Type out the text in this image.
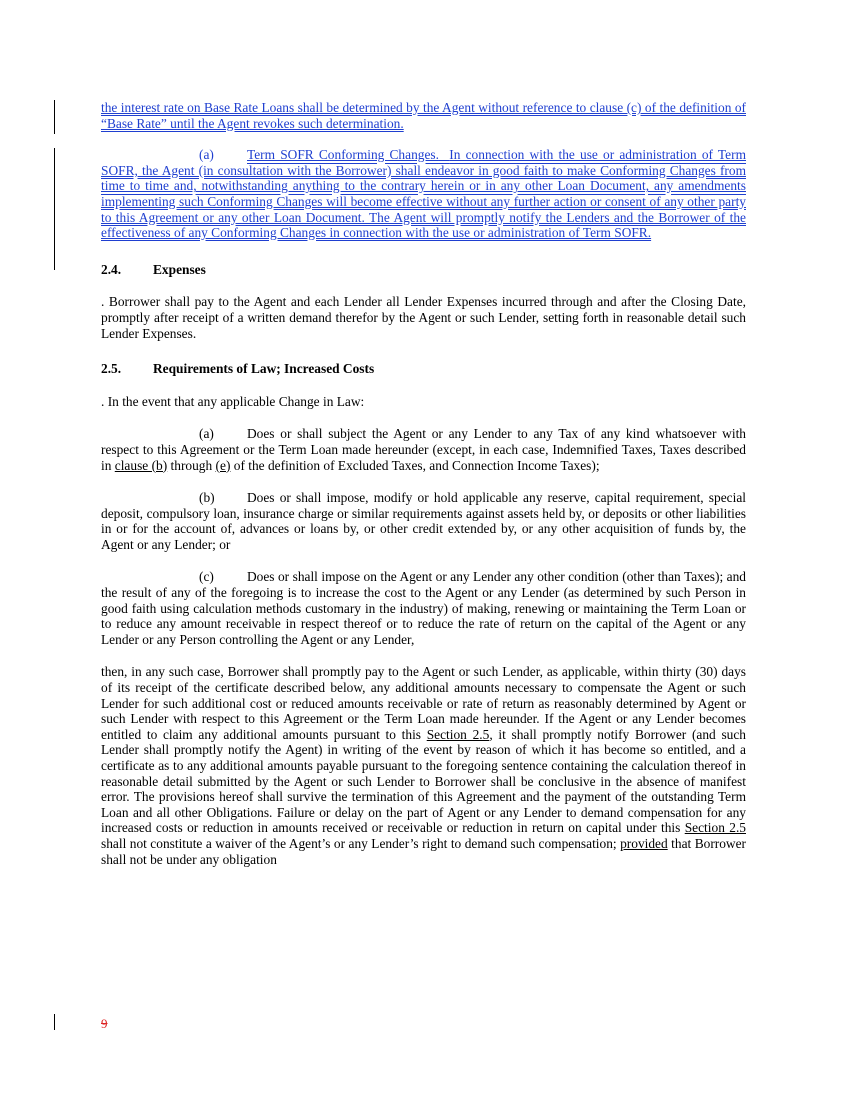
the interest rate on Base Rate Loans shall be determined by the Agent without reference to clause (c) of the definition of “Base Rate” until the Agent revokes such determination.

(a) Term SOFR Conforming Changes. In connection with the use or administration of Term SOFR, the Agent (in consultation with the Borrower) shall endeavor in good faith to make Conforming Changes from time to time and, notwithstanding anything to the contrary herein or in any other Loan Document, any amendments implementing such Conforming Changes will become effective without any further action or consent of any other party to this Agreement or any other Loan Document. The Agent will promptly notify the Lenders and the Borrower of the effectiveness of any Conforming Changes in connection with the use or administration of Term SOFR.

2.4. Expenses

. Borrower shall pay to the Agent and each Lender all Lender Expenses incurred through and after the Closing Date, promptly after receipt of a written demand therefor by the Agent or such Lender, setting forth in reasonable detail such Lender Expenses.

2.5. Requirements of Law; Increased Costs

. In the event that any applicable Change in Law:

(a) Does or shall subject the Agent or any Lender to any Tax of any kind whatsoever with respect to this Agreement or the Term Loan made hereunder (except, in each case, Indemnified Taxes, Taxes described in clause (b) through (e) of the definition of Excluded Taxes, and Connection Income Taxes);

(b) Does or shall impose, modify or hold applicable any reserve, capital requirement, special deposit, compulsory loan, insurance charge or similar requirements against assets held by, or deposits or other liabilities in or for the account of, advances or loans by, or other credit extended by, or any other acquisition of funds by, the Agent or any Lender; or

(c) Does or shall impose on the Agent or any Lender any other condition (other than Taxes); and the result of any of the foregoing is to increase the cost to the Agent or any Lender (as determined by such Person in good faith using calculation methods customary in the industry) of making, renewing or maintaining the Term Loan or to reduce any amount receivable in respect thereof or to reduce the rate of return on the capital of the Agent or any Lender or any Person controlling the Agent or any Lender,

then, in any such case, Borrower shall promptly pay to the Agent or such Lender, as applicable, within thirty (30) days of its receipt of the certificate described below, any additional amounts necessary to compensate the Agent or such Lender for such additional cost or reduced amounts receivable or rate of return as reasonably determined by Agent or such Lender with respect to this Agreement or the Term Loan made hereunder. If the Agent or any Lender becomes entitled to claim any additional amounts pursuant to this Section 2.5, it shall promptly notify Borrower (and such Lender shall promptly notify the Agent) in writing of the event by reason of which it has become so entitled, and a certificate as to any additional amounts payable pursuant to the foregoing sentence containing the calculation thereof in reasonable detail submitted by the Agent or such Lender to Borrower shall be conclusive in the absence of manifest error. The provisions hereof shall survive the termination of this Agreement and the payment of the outstanding Term Loan and all other Obligations. Failure or delay on the part of Agent or any Lender to demand compensation for any increased costs or reduction in amounts received or receivable or reduction in return on capital under this Section 2.5 shall not constitute a waiver of the Agent’s or any Lender’s right to demand such compensation; provided that Borrower shall not be under any obligation

9
